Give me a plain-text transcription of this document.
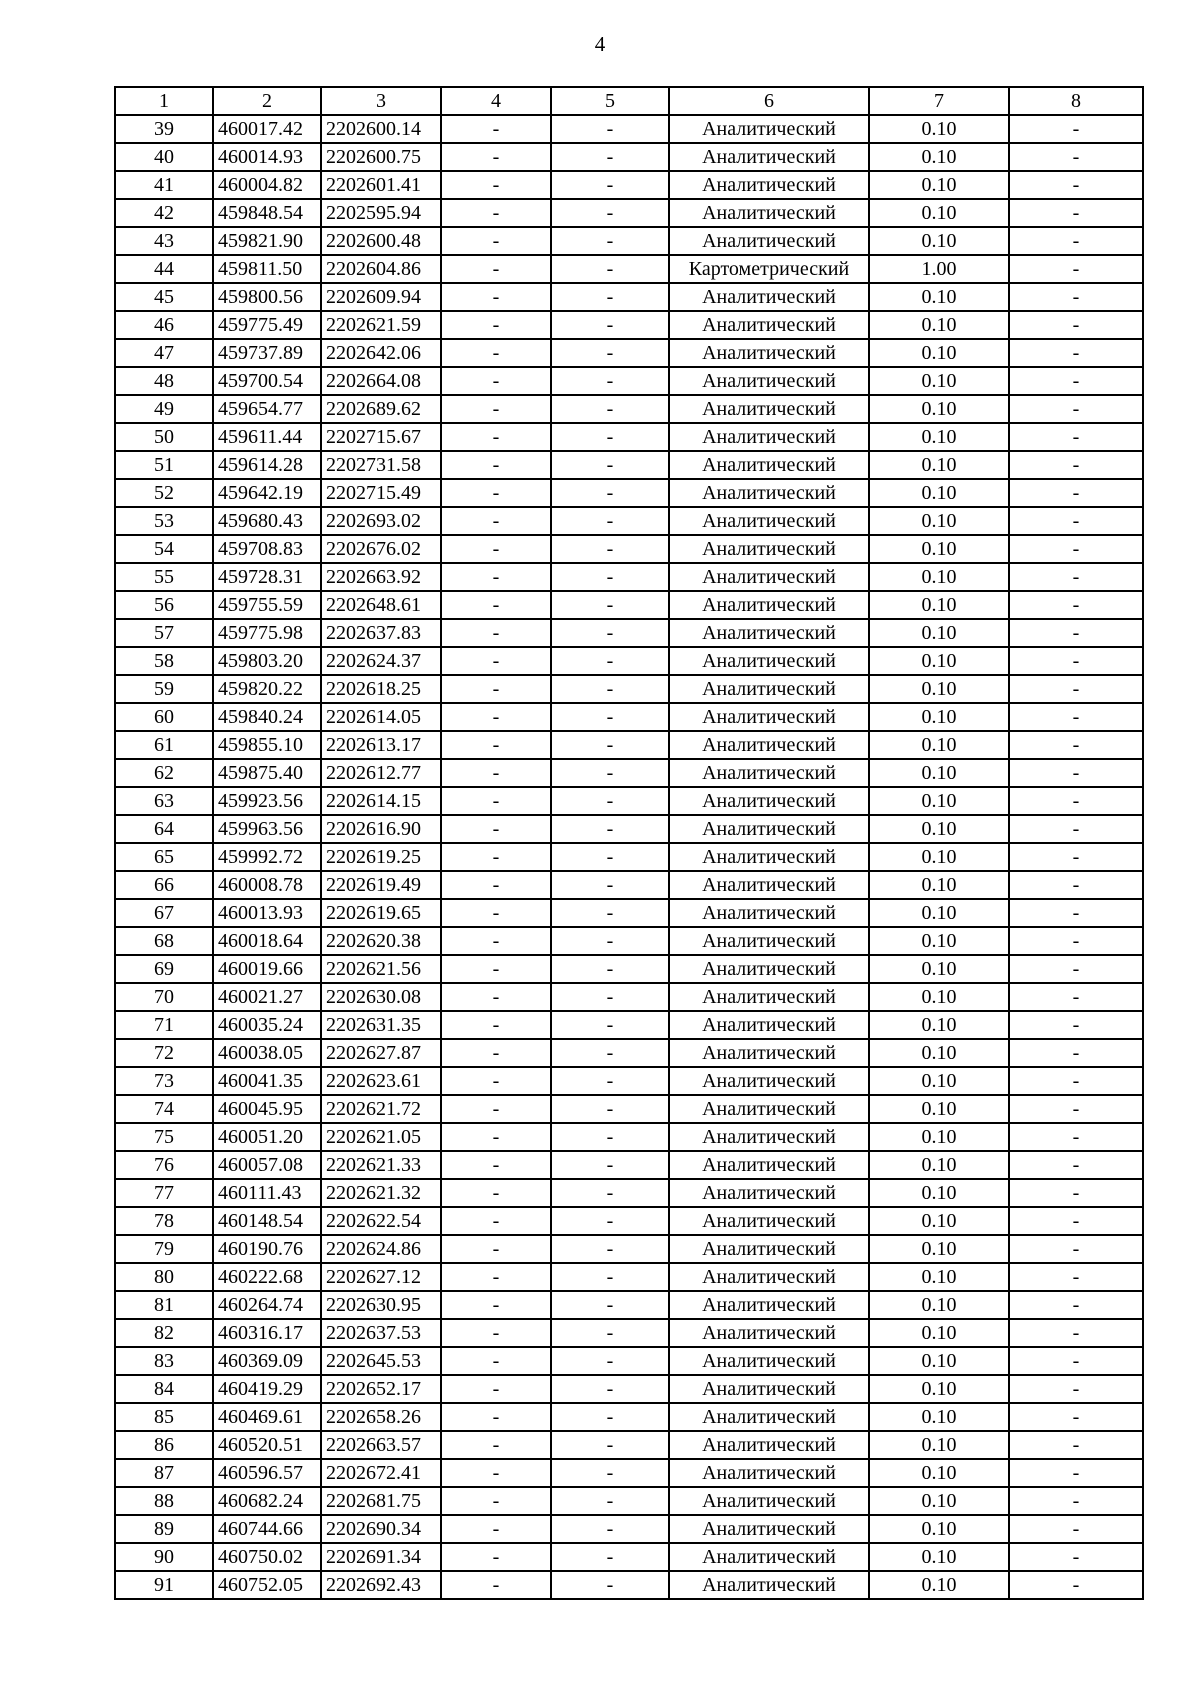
4
1	2	3	4	5	6	7	8
39	460017.42	2202600.14	-	-	Аналитический	0.10	-
40	460014.93	2202600.75	-	-	Аналитический	0.10	-
41	460004.82	2202601.41	-	-	Аналитический	0.10	-
42	459848.54	2202595.94	-	-	Аналитический	0.10	-
43	459821.90	2202600.48	-	-	Аналитический	0.10	-
44	459811.50	2202604.86	-	-	Картометрический	1.00	-
45	459800.56	2202609.94	-	-	Аналитический	0.10	-
46	459775.49	2202621.59	-	-	Аналитический	0.10	-
47	459737.89	2202642.06	-	-	Аналитический	0.10	-
48	459700.54	2202664.08	-	-	Аналитический	0.10	-
49	459654.77	2202689.62	-	-	Аналитический	0.10	-
50	459611.44	2202715.67	-	-	Аналитический	0.10	-
51	459614.28	2202731.58	-	-	Аналитический	0.10	-
52	459642.19	2202715.49	-	-	Аналитический	0.10	-
53	459680.43	2202693.02	-	-	Аналитический	0.10	-
54	459708.83	2202676.02	-	-	Аналитический	0.10	-
55	459728.31	2202663.92	-	-	Аналитический	0.10	-
56	459755.59	2202648.61	-	-	Аналитический	0.10	-
57	459775.98	2202637.83	-	-	Аналитический	0.10	-
58	459803.20	2202624.37	-	-	Аналитический	0.10	-
59	459820.22	2202618.25	-	-	Аналитический	0.10	-
60	459840.24	2202614.05	-	-	Аналитический	0.10	-
61	459855.10	2202613.17	-	-	Аналитический	0.10	-
62	459875.40	2202612.77	-	-	Аналитический	0.10	-
63	459923.56	2202614.15	-	-	Аналитический	0.10	-
64	459963.56	2202616.90	-	-	Аналитический	0.10	-
65	459992.72	2202619.25	-	-	Аналитический	0.10	-
66	460008.78	2202619.49	-	-	Аналитический	0.10	-
67	460013.93	2202619.65	-	-	Аналитический	0.10	-
68	460018.64	2202620.38	-	-	Аналитический	0.10	-
69	460019.66	2202621.56	-	-	Аналитический	0.10	-
70	460021.27	2202630.08	-	-	Аналитический	0.10	-
71	460035.24	2202631.35	-	-	Аналитический	0.10	-
72	460038.05	2202627.87	-	-	Аналитический	0.10	-
73	460041.35	2202623.61	-	-	Аналитический	0.10	-
74	460045.95	2202621.72	-	-	Аналитический	0.10	-
75	460051.20	2202621.05	-	-	Аналитический	0.10	-
76	460057.08	2202621.33	-	-	Аналитический	0.10	-
77	460111.43	2202621.32	-	-	Аналитический	0.10	-
78	460148.54	2202622.54	-	-	Аналитический	0.10	-
79	460190.76	2202624.86	-	-	Аналитический	0.10	-
80	460222.68	2202627.12	-	-	Аналитический	0.10	-
81	460264.74	2202630.95	-	-	Аналитический	0.10	-
82	460316.17	2202637.53	-	-	Аналитический	0.10	-
83	460369.09	2202645.53	-	-	Аналитический	0.10	-
84	460419.29	2202652.17	-	-	Аналитический	0.10	-
85	460469.61	2202658.26	-	-	Аналитический	0.10	-
86	460520.51	2202663.57	-	-	Аналитический	0.10	-
87	460596.57	2202672.41	-	-	Аналитический	0.10	-
88	460682.24	2202681.75	-	-	Аналитический	0.10	-
89	460744.66	2202690.34	-	-	Аналитический	0.10	-
90	460750.02	2202691.34	-	-	Аналитический	0.10	-
91	460752.05	2202692.43	-	-	Аналитический	0.10	-
